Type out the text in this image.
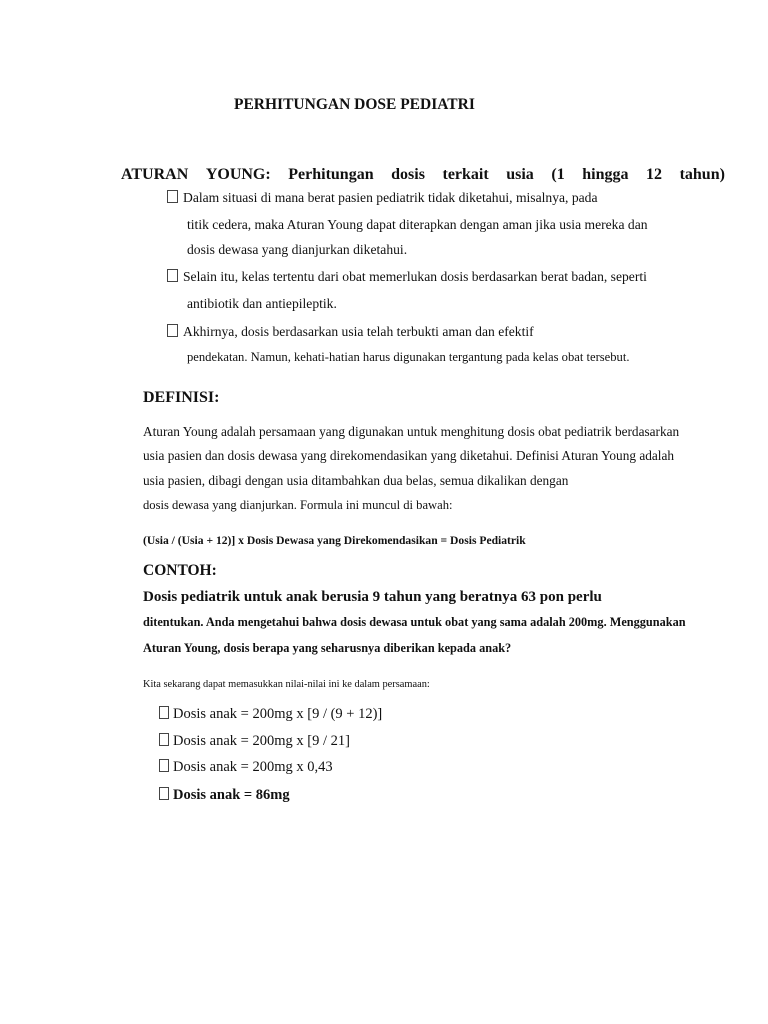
PERHITUNGAN DOSE PEDIATRI
ATURAN YOUNG: Perhitungan dosis terkait usia (1 hingga 12 tahun)
Dalam situasi di mana berat pasien pediatrik tidak diketahui, misalnya, pada
titik cedera, maka Aturan Young dapat diterapkan dengan aman jika usia mereka dan
dosis dewasa yang dianjurkan diketahui.
Selain itu, kelas tertentu dari obat memerlukan dosis berdasarkan berat badan, seperti
antibiotik dan antiepileptik.
Akhirnya, dosis berdasarkan usia telah terbukti aman dan efektif
pendekatan. Namun, kehati-hatian harus digunakan tergantung pada kelas obat tersebut.
DEFINISI:
Aturan Young adalah persamaan yang digunakan untuk menghitung dosis obat pediatrik berdasarkan
usia pasien dan dosis dewasa yang direkomendasikan yang diketahui. Definisi Aturan Young adalah
usia pasien, dibagi dengan usia ditambahkan dua belas, semua dikalikan dengan
dosis dewasa yang dianjurkan. Formula ini muncul di bawah:
(Usia / (Usia + 12)] x Dosis Dewasa yang Direkomendasikan = Dosis Pediatrik
CONTOH:
Dosis pediatrik untuk anak berusia 9 tahun yang beratnya 63 pon perlu
ditentukan. Anda mengetahui bahwa dosis dewasa untuk obat yang sama adalah 200mg. Menggunakan
Aturan Young, dosis berapa yang seharusnya diberikan kepada anak?
Kita sekarang dapat memasukkan nilai-nilai ini ke dalam persamaan:
Dosis anak = 200mg x [9 / (9 + 12)]
Dosis anak = 200mg x [9 / 21]
Dosis anak = 200mg x 0,43
Dosis anak = 86mg
